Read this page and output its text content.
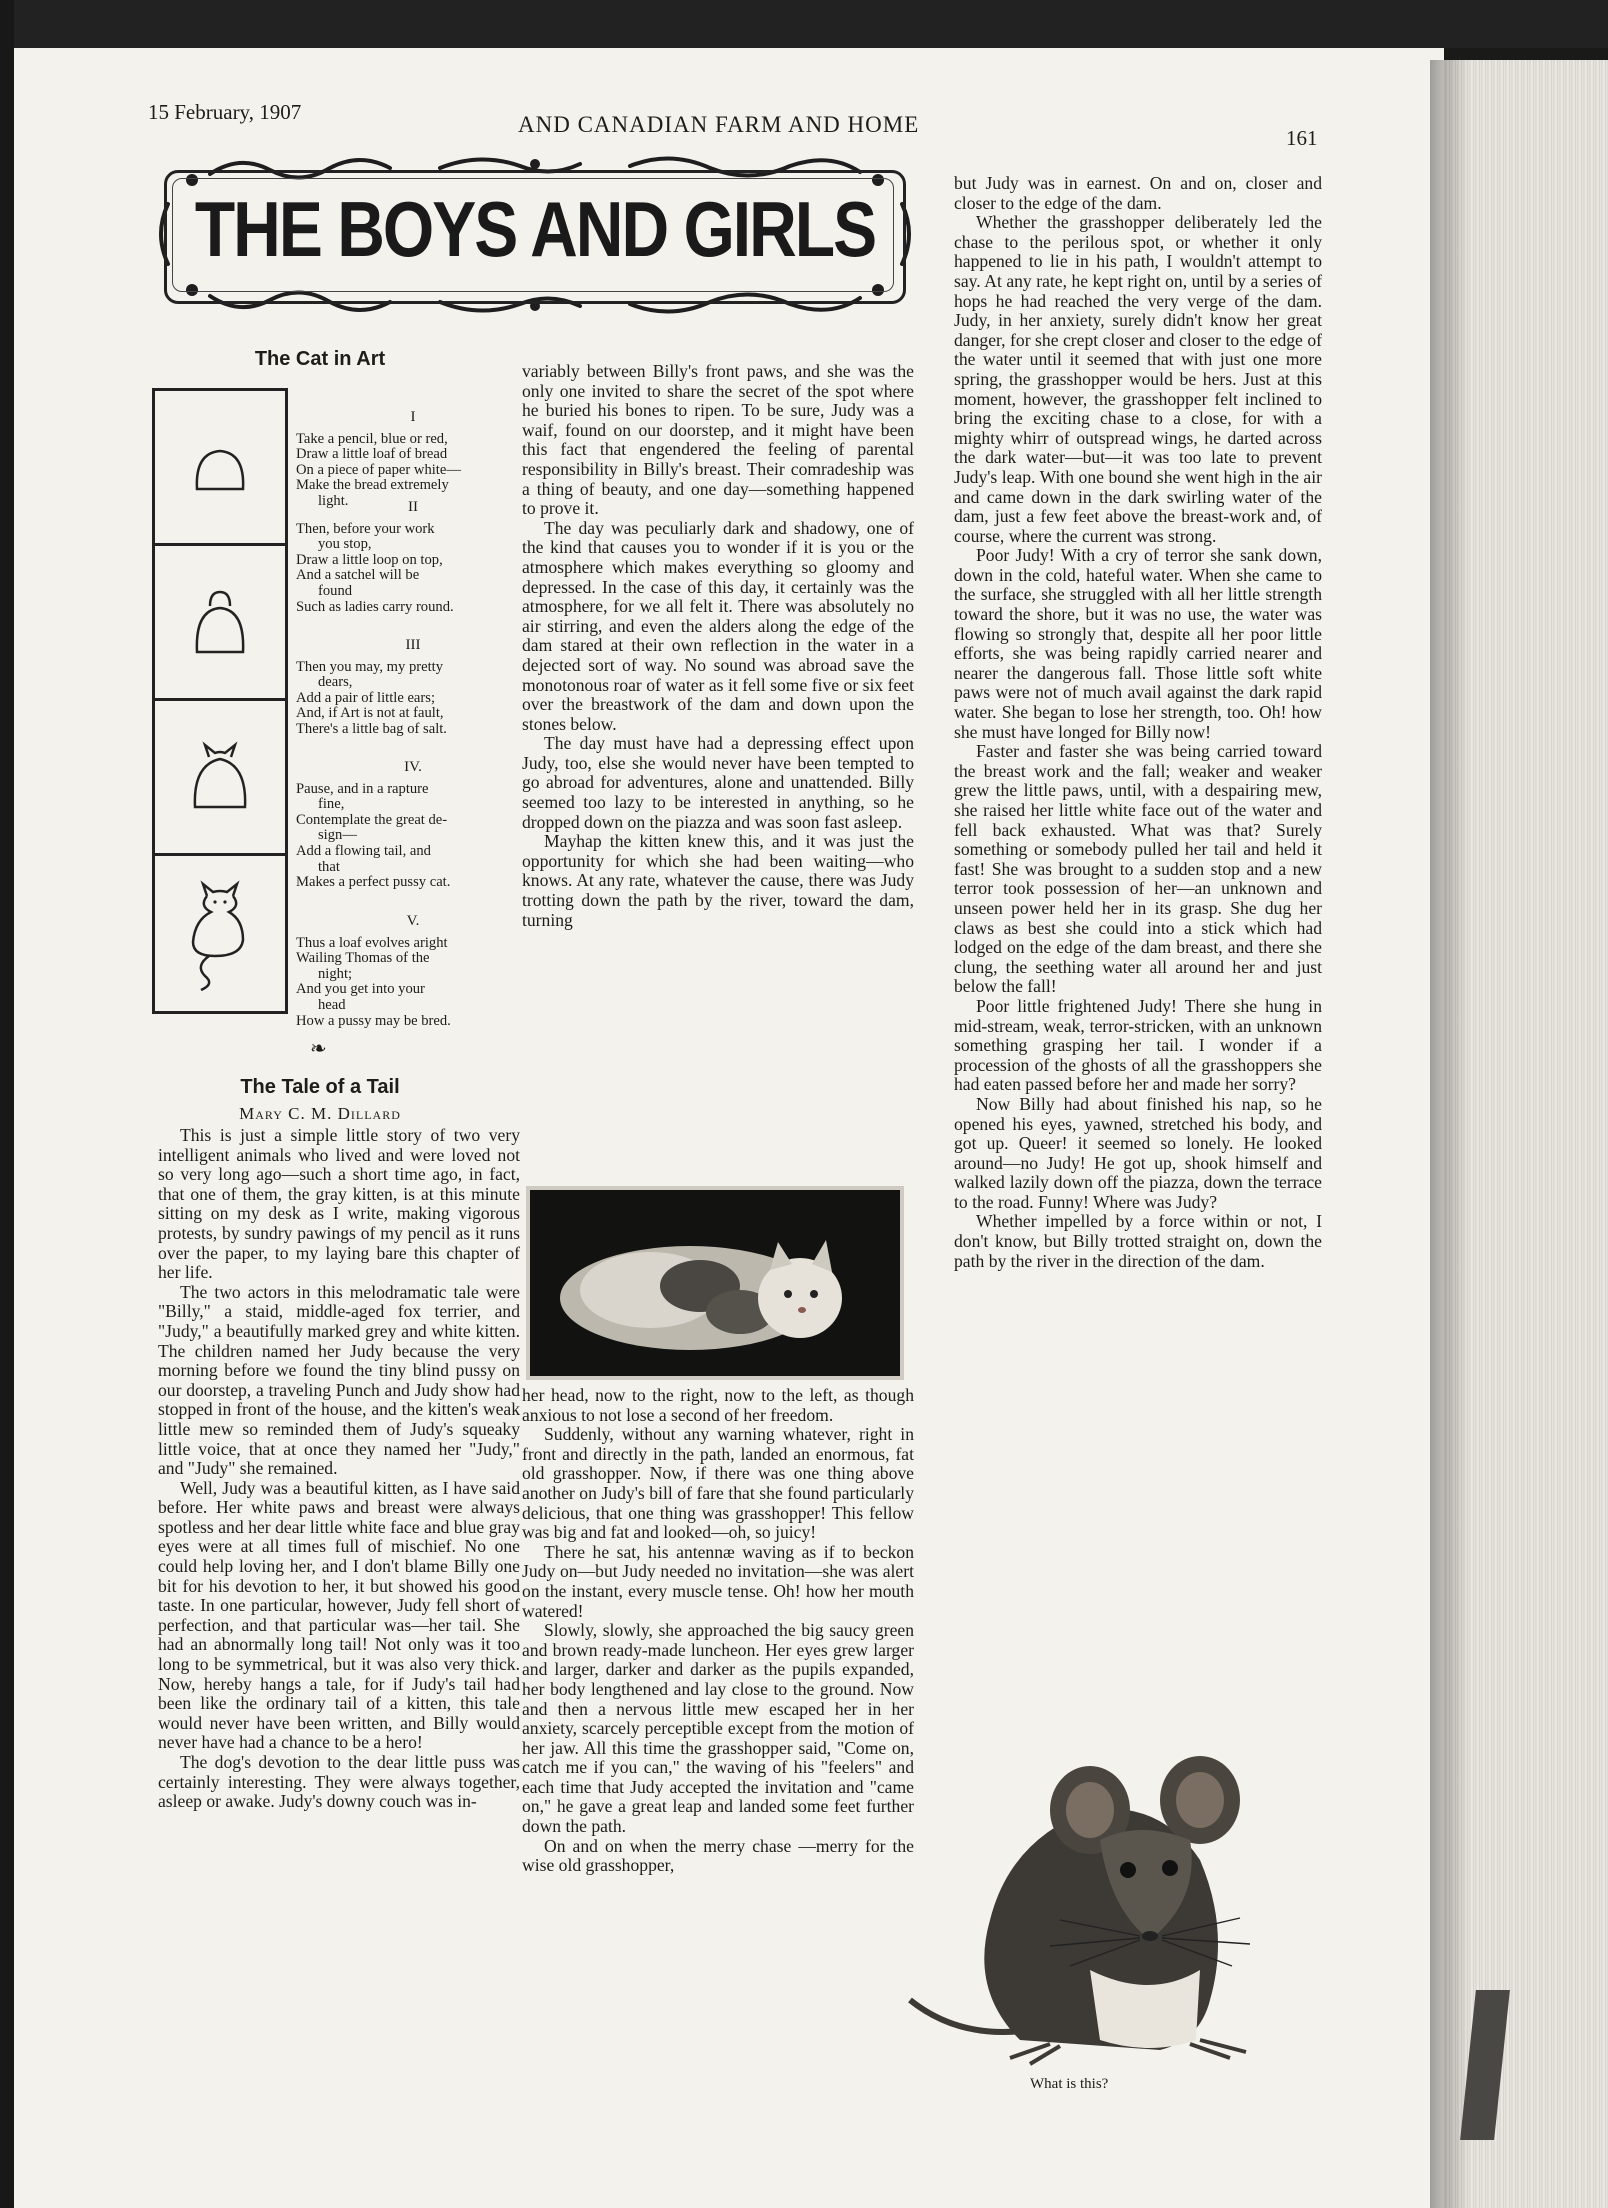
15 February, 1907	AND CANADIAN FARM AND HOME
161
THE BOYS AND GIRLS
The Cat in Art
I
Take a pencil, blue or red,
Draw a little loaf of bread
On a piece of paper white—
Make the bread extremely
light.	II
Then, before your work
you stop,
Draw a little loop on top,
And a satchel will be
found
Such as ladies carry round.
III
Then you may, my pretty
dears,
Add a pair of little ears;
And, if Art is not at fault,
There's a little bag of salt.
IV.
Pause, and in a rapture
fine,
Contemplate the great de-
sign—
Add a flowing tail, and
that
Makes a perfect pussy cat.
V.
Thus a loaf evolves aright
Wailing Thomas of the
night;
And you get into your
head
How a pussy may be bred.
❧
The Tale of a Tail
Mary C. M. Dillard

This is just a simple little story of two very intelligent animals who lived and were loved not so very long ago—such a short time ago, in fact, that one of them, the gray kitten, is at this minute sitting on my desk as I write, making vigorous protests, by sundry pawings of my pencil as it runs over the paper, to my laying bare this chapter of her life.

The two actors in this melodramatic tale were "Billy," a staid, middle-aged fox terrier, and "Judy," a beautifully marked grey and white kitten. The children named her Judy because the very morning before we found the tiny blind pussy on our doorstep, a traveling Punch and Judy show had stopped in front of the house, and the kitten's weak little mew so reminded them of Judy's squeaky little voice, that at once they named her "Judy," and "Judy" she remained.

Well, Judy was a beautiful kitten, as I have said before. Her white paws and breast were always spotless and her dear little white face and blue gray eyes were at all times full of mischief. No one could help loving her, and I don't blame Billy one bit for his devotion to her, it but showed his good taste. In one particular, however, Judy fell short of perfection, and that particular was—her tail. She had an abnormally long tail! Not only was it too long to be symmetrical, but it was also very thick. Now, hereby hangs a tale, for if Judy's tail had been like the ordinary tail of a kitten, this tale would never have been written, and Billy would never have had a chance to be a hero!

The dog's devotion to the dear little puss was certainly interesting. They were always together, asleep or awake. Judy's downy couch was in-

variably between Billy's front paws, and she was the only one invited to share the secret of the spot where he buried his bones to ripen. To be sure, Judy was a waif, found on our doorstep, and it might have been this fact that engendered the feeling of parental responsibility in Billy's breast. Their comradeship was a thing of beauty, and one day—something happened to prove it.

The day was peculiarly dark and shadowy, one of the kind that causes you to wonder if it is you or the atmosphere which makes everything so gloomy and depressed. In the case of this day, it certainly was the atmosphere, for we all felt it. There was absolutely no air stirring, and even the alders along the edge of the dam stared at their own reflection in the water in a dejected sort of way. No sound was abroad save the monotonous roar of water as it fell some five or six feet over the breastwork of the dam and down upon the stones below.

The day must have had a depressing effect upon Judy, too, else she would never have been tempted to go abroad for adventures, alone and unattended. Billy seemed too lazy to be interested in anything, so he dropped down on the piazza and was soon fast asleep.

Mayhap the kitten knew this, and it was just the opportunity for which she had been waiting—who knows. At any rate, whatever the cause, there was Judy trotting down the path by the river, toward the dam, turning

her head, now to the right, now to the left, as though anxious to not lose a second of her freedom.

Suddenly, without any warning whatever, right in front and directly in the path, landed an enormous, fat old grasshopper. Now, if there was one thing above another on Judy's bill of fare that she found particularly delicious, that one thing was grasshopper! This fellow was big and fat and looked—oh, so juicy!

There he sat, his antennæ waving as if to beckon Judy on—but Judy needed no invitation—she was alert on the instant, every muscle tense. Oh! how her mouth watered!

Slowly, slowly, she approached the big saucy green and brown ready-made luncheon. Her eyes grew larger and larger, darker and darker as the pupils expanded, her body lengthened and lay close to the ground. Now and then a nervous little mew escaped her in her anxiety, scarcely perceptible except from the motion of her jaw. All this time the grasshopper said, "Come on, catch me if you can," the waving of his "feelers" and each time that Judy accepted the invitation and "came on," he gave a great leap and landed some feet further down the path.

On and on when the merry chase —merry for the wise old grasshopper,

but Judy was in earnest. On and on, closer and closer to the edge of the dam.

Whether the grasshopper deliberately led the chase to the perilous spot, or whether it only happened to lie in his path, I wouldn't attempt to say. At any rate, he kept right on, until by a series of hops he had reached the very verge of the dam. Judy, in her anxiety, surely didn't know her great danger, for she crept closer and closer to the edge of the water until it seemed that with just one more spring, the grasshopper would be hers. Just at this moment, however, the grasshopper felt inclined to bring the exciting chase to a close, for with a mighty whirr of outspread wings, he darted across the dark water—but—it was too late to prevent Judy's leap. With one bound she went high in the air and came down in the dark swirling water of the dam, just a few feet above the breast-work and, of course, where the current was strong.

Poor Judy! With a cry of terror she sank down, down in the cold, hateful water. When she came to the surface, she struggled with all her little strength toward the shore, but it was no use, the water was flowing so strongly that, despite all her poor little efforts, she was being rapidly carried nearer and nearer the dangerous fall. Those little soft white paws were not of much avail against the dark rapid water. She began to lose her strength, too. Oh! how she must have longed for Billy now!

Faster and faster she was being carried toward the breast work and the fall; weaker and weaker grew the little paws, until, with a despairing mew, she raised her little white face out of the water and fell back exhausted. What was that? Surely something or somebody pulled her tail and held it fast! She was brought to a sudden stop and a new terror took possession of her—an unknown and unseen power held her in its grasp. She dug her claws as best she could into a stick which had lodged on the edge of the dam breast, and there she clung, the seething water all around her and just below the fall!

Poor little frightened Judy! There she hung in mid-stream, weak, terror-stricken, with an unknown something grasping her tail. I wonder if a procession of the ghosts of all the grasshoppers she had eaten passed before her and made her sorry?

Now Billy had about finished his nap, so he opened his eyes, yawned, stretched his body, and got up. Queer! it seemed so lonely. He looked around—no Judy! He got up, shook himself and walked lazily down off the piazza, down the terrace to the road. Funny! Where was Judy?

Whether impelled by a force within or not, I don't know, but Billy trotted straight on, down the path by the river in the direction of the dam.

What is this?
